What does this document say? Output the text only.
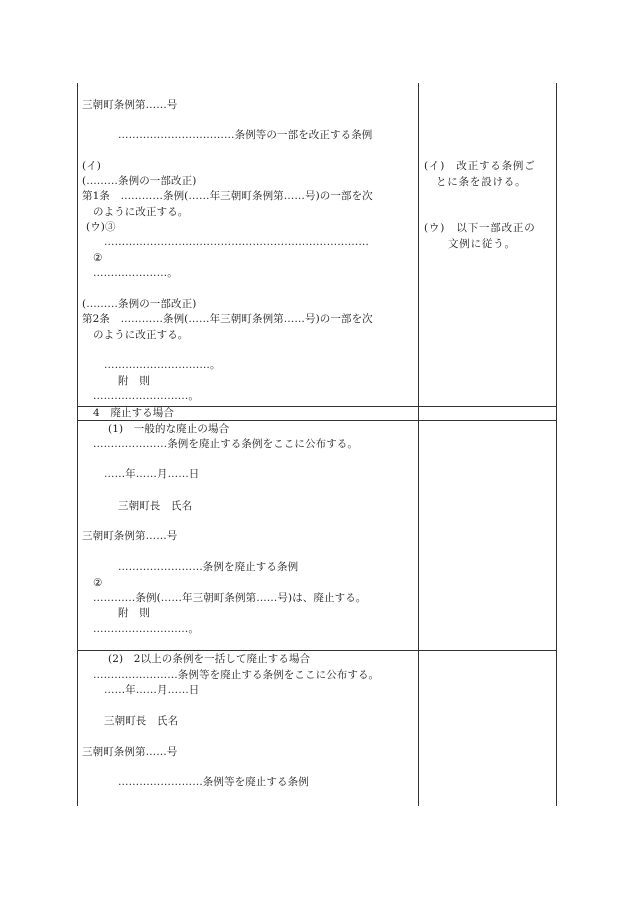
三朝町条例第……号
……………………………条例等の一部を改正する条例
(イ)
(………条例の一部改正)
第1条　…………条例(……年三朝町条例第……号)の一部を次
のように改正する。
(ウ)③
…………………………………………………………………
②
…………………。
(………条例の一部改正)
第2条　…………条例(……年三朝町条例第……号)の一部を次
のように改正する。
…………………………。
附　則
………………………。
(イ)　改正する条例ご
とに条を設ける。
(ウ)　以下一部改正の
文例に従う。
4　廃止する場合
(1)　一般的な廃止の場合
…………………条例を廃止する条例をここに公布する。
……年……月……日
三朝町長　氏名
三朝町条例第……号
……………………条例を廃止する条例
②
…………条例(……年三朝町条例第……号)は、廃止する。
附　則
………………………。
(2)　2以上の条例を一括して廃止する場合
……………………条例等を廃止する条例をここに公布する。
……年……月……日
三朝町長　氏名
三朝町条例第……号
……………………条例等を廃止する条例
